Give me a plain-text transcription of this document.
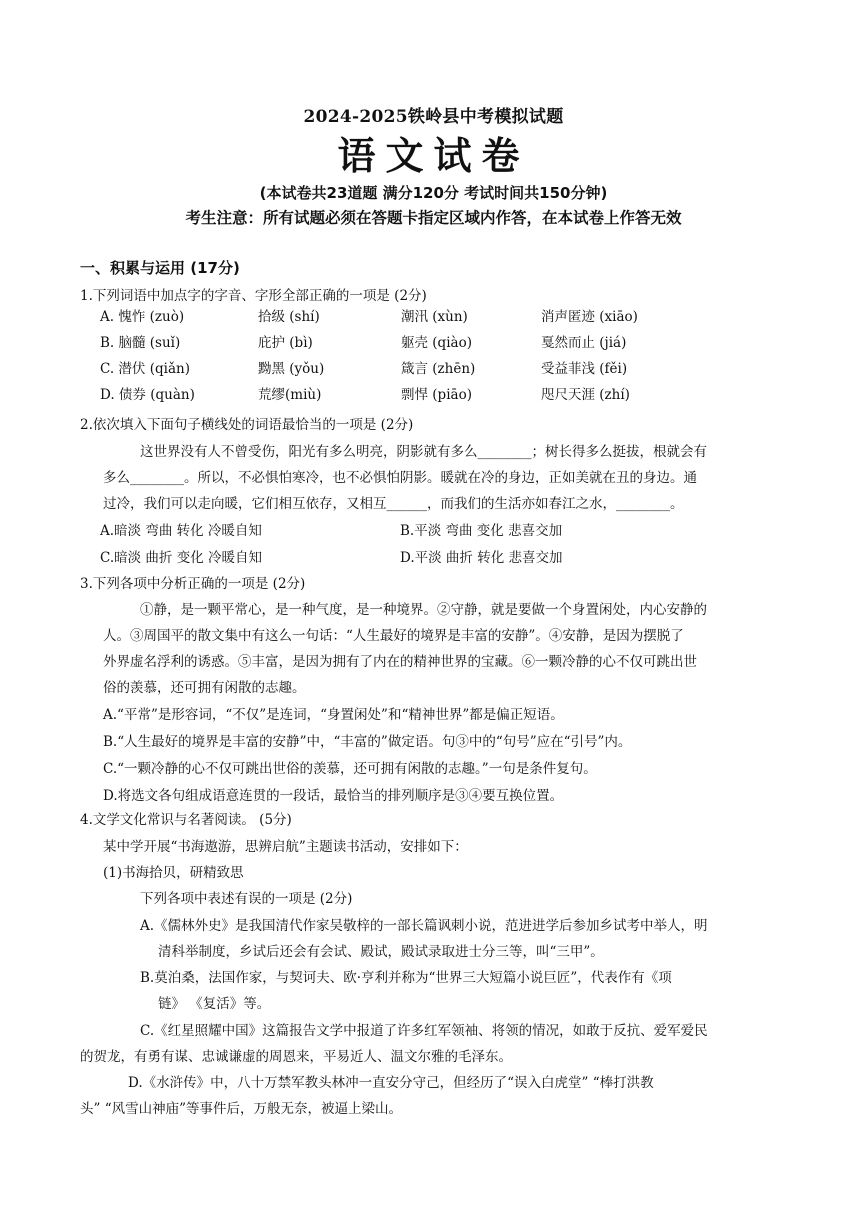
2024-2025铁岭县中考模拟试题
语文试卷
(本试卷共23道题 满分120分 考试时间共150分钟)
考生注意：所有试题必须在答题卡指定区域内作答，在本试卷上作答无效
一、积累与运用 (17分)
1.下列词语中加点字的字音、字形全部正确的一项是 (2分)
A. 愧怍 (zuò)	拾级 (shí)	潮汛 (xùn)	消声匿迹 (xiāo)
B. 脑髓 (suǐ)	庇护 (bì)	躯壳 (qiào)	戛然而止 (jiá)
C. 潜伏 (qiǎn)	黝黑 (yǒu)	箴言 (zhēn)	受益菲浅 (fěi)
D. 债券 (quàn)	荒缪(miù)	剽悍 (piāo)	咫尺天涯 (zhí)
2.依次填入下面句子横线处的词语最恰当的一项是 (2分)
这世界没有人不曾受伤，阳光有多么明亮，阴影就有多么________；树长得多么挺拔，根就会有
多么________。所以，不必惧怕寒冷，也不必惧怕阴影。暖就在冷的身边，正如美就在丑的身边。通
过冷，我们可以走向暖，它们相互依存，又相互______，而我们的生活亦如春江之水，________。
A.暗淡 弯曲 转化 冷暖自知	B.平淡 弯曲 变化 悲喜交加
C.暗淡 曲折 变化 冷暖自知	D.平淡 曲折 转化 悲喜交加
3.下列各项中分析正确的一项是 (2分)
①静，是一颗平常心，是一种气度，是一种境界。②守静，就是要做一个身置闲处，内心安静的
人。③周国平的散文集中有这么一句话：“人生最好的境界是丰富的安静”。④安静，是因为摆脱了
外界虚名浮利的诱惑。⑤丰富，是因为拥有了内在的精神世界的宝藏。⑥一颗冷静的心不仅可跳出世
俗的羡慕，还可拥有闲散的志趣。
A.“平常”是形容词，“不仅”是连词，“身置闲处”和“精神世界”都是偏正短语。
B.“人生最好的境界是丰富的安静”中，“丰富的”做定语。句③中的“句号”应在“引号”内。
C.“一颗冷静的心不仅可跳出世俗的羡慕，还可拥有闲散的志趣。”一句是条件复句。
D.将选文各句组成语意连贯的一段话，最恰当的排列顺序是③④要互换位置。
4.文学文化常识与名著阅读。 (5分)
某中学开展“书海遨游，思辨启航”主题读书活动，安排如下：
(1)书海拾贝，研精致思
下列各项中表述有误的一项是 (2分)
A.《儒林外史》是我国清代作家吴敬梓的一部长篇讽刺小说，范进进学后参加乡试考中举人，明
清科举制度，乡试后还会有会试、殿试，殿试录取进士分三等，叫“三甲”。
B.莫泊桑，法国作家，与契诃夫、欧·亨利并称为“世界三大短篇小说巨匠”，代表作有《项
链》 《复活》等。
C.《红星照耀中国》这篇报告文学中报道了许多红军领袖、将领的情况，如敢于反抗、爱军爱民
的贺龙，有勇有谋、忠诚谦虚的周恩来，平易近人、温文尔雅的毛泽东。
D.《水浒传》中，八十万禁军教头林冲一直安分守己，但经历了“误入白虎堂” “棒打洪教
头” “风雪山神庙”等事件后，万般无奈，被逼上梁山。
